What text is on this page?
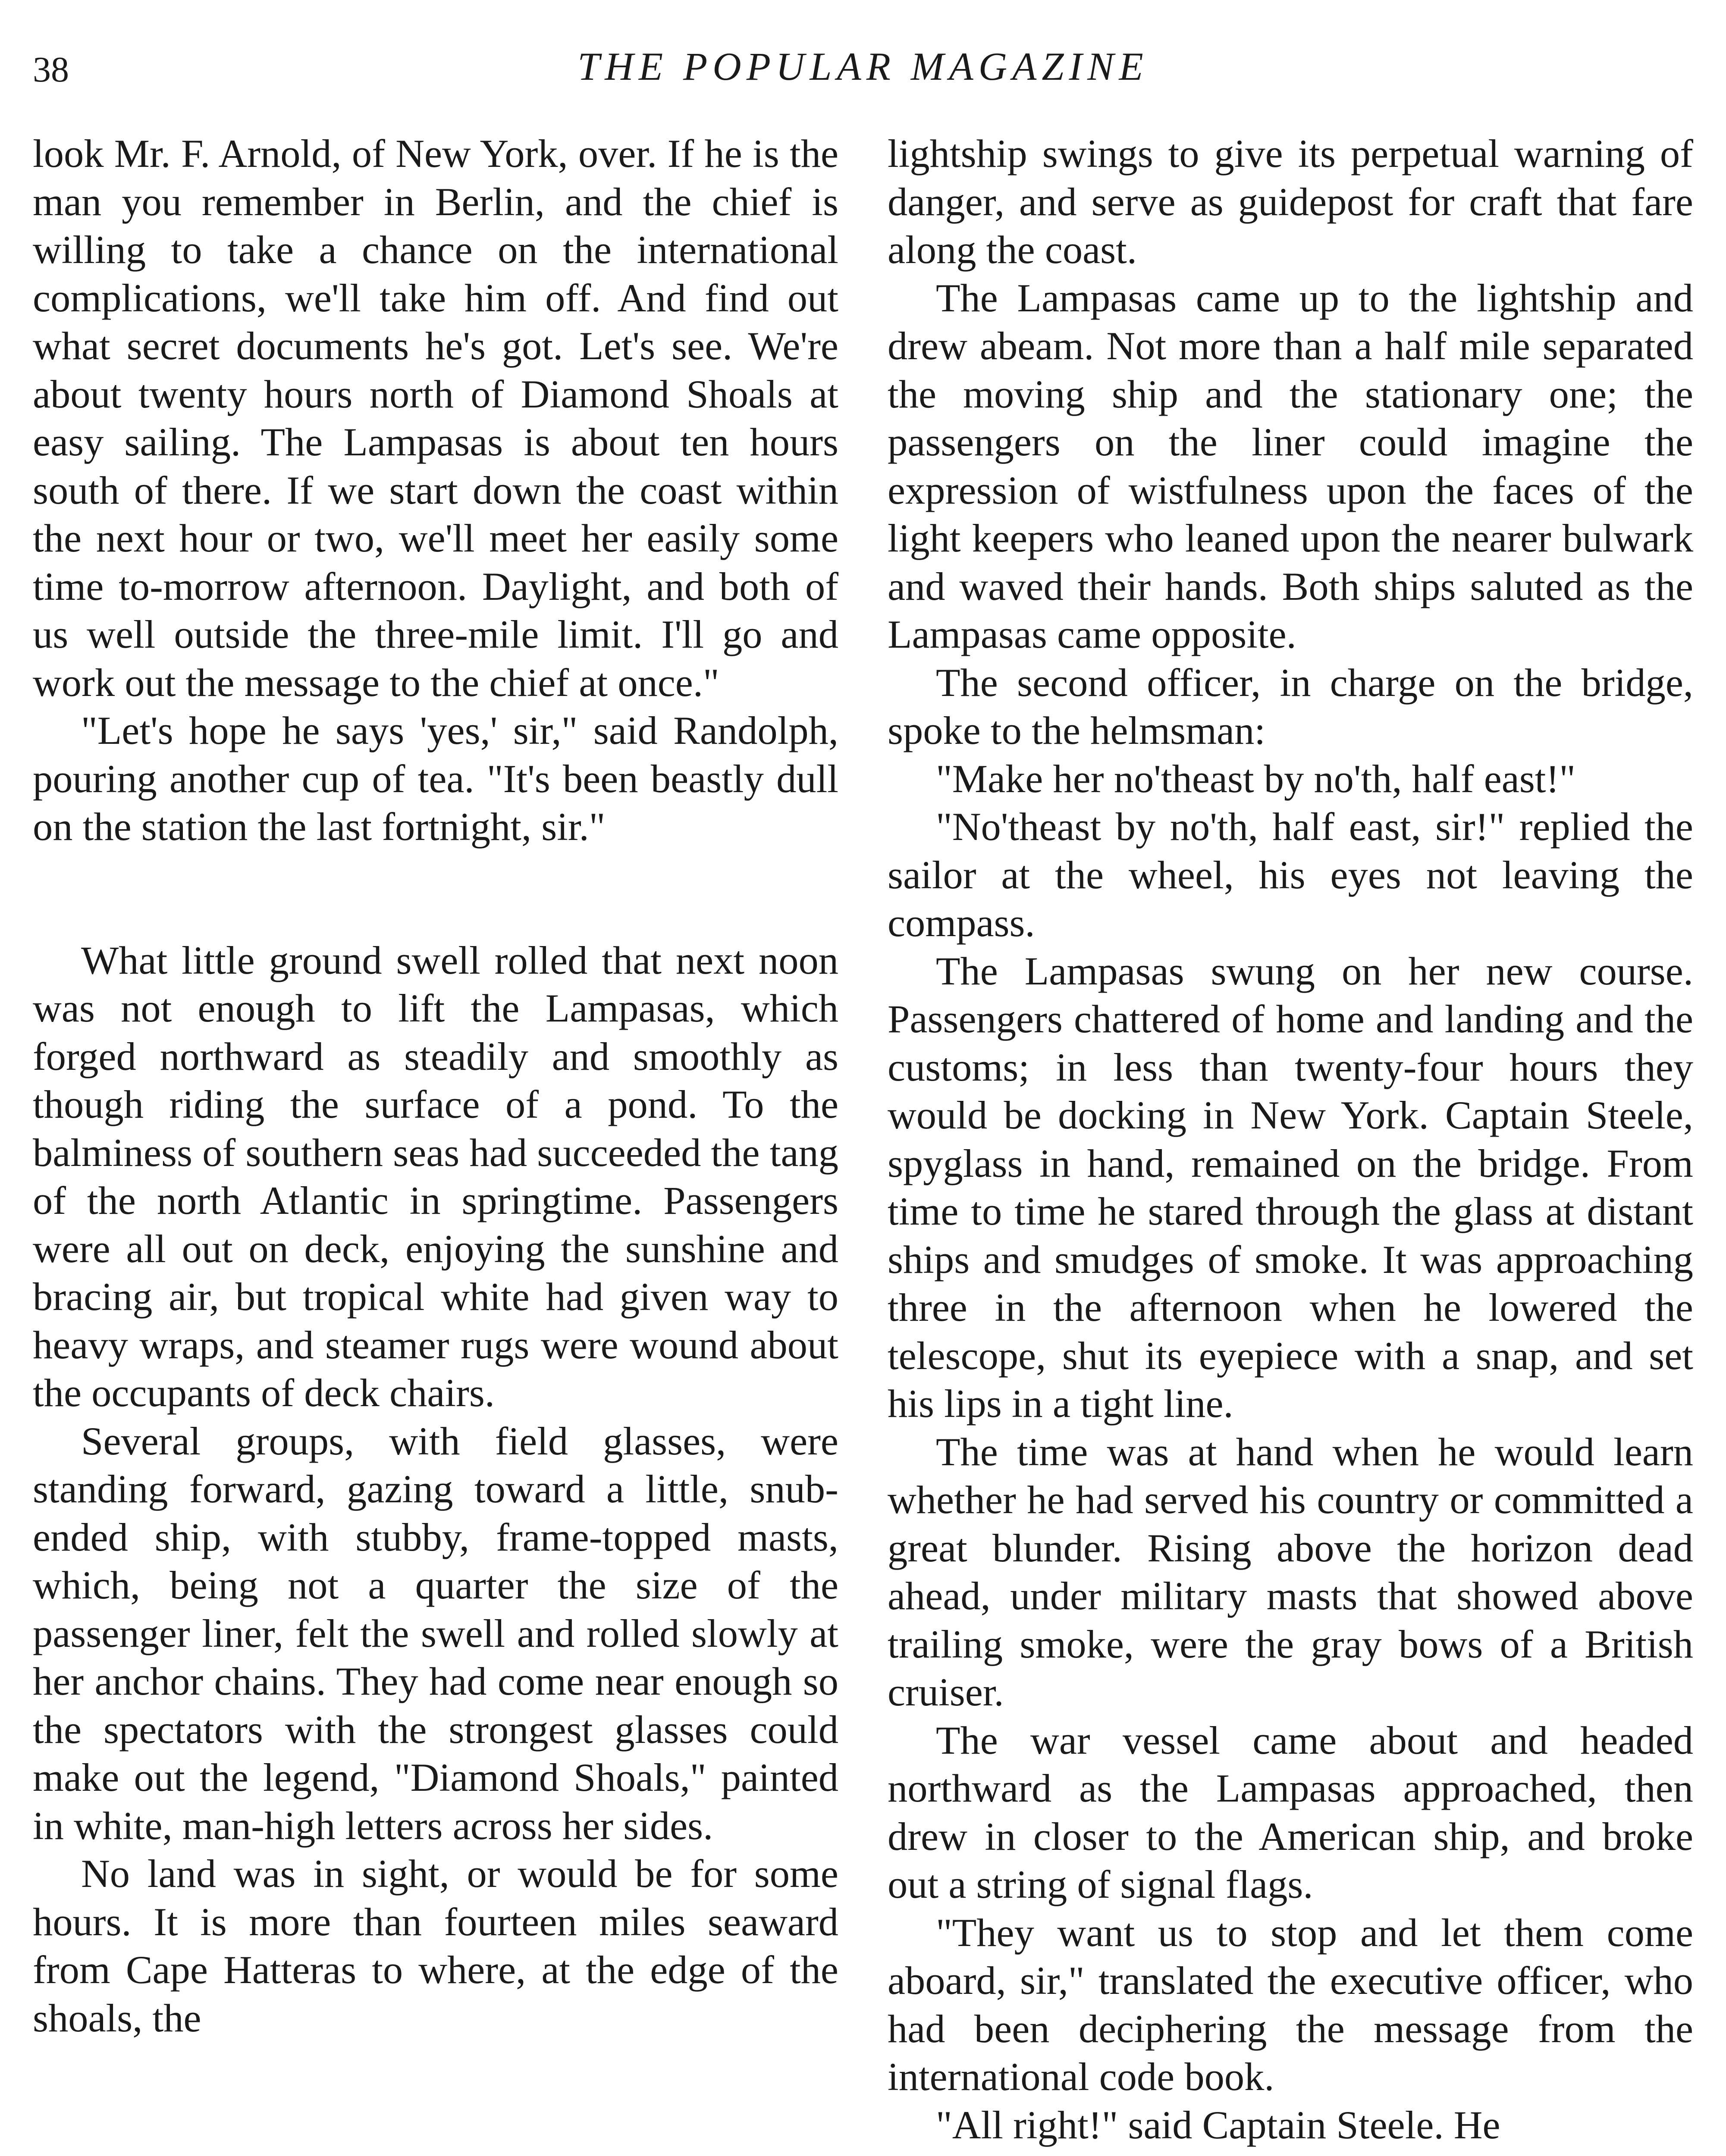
38	THE POPULAR MAGAZINE

look Mr. F. Arnold, of New York, over. If he is the man you remember in Berlin, and the chief is willing to take a chance on the international complications, we'll take him off. And find out what secret documents he's got. Let's see. We're about twenty hours north of Diamond Shoals at easy sailing. The Lampasas is about ten hours south of there. If we start down the coast within the next hour or two, we'll meet her easily some time to-morrow afternoon. Daylight, and both of us well outside the three-mile limit. I'll go and work out the message to the chief at once."

"Let's hope he says 'yes,' sir," said Randolph, pouring another cup of tea. "It's been beastly dull on the station the last fortnight, sir."

What little ground swell rolled that next noon was not enough to lift the Lampasas, which forged northward as steadily and smoothly as though riding the surface of a pond. To the balminess of southern seas had succeeded the tang of the north Atlantic in springtime. Passengers were all out on deck, enjoying the sunshine and bracing air, but tropical white had given way to heavy wraps, and steamer rugs were wound about the occupants of deck chairs.

Several groups, with field glasses, were standing forward, gazing toward a little, snub-ended ship, with stubby, frame-topped masts, which, being not a quarter the size of the passenger liner, felt the swell and rolled slowly at her anchor chains. They had come near enough so the spectators with the strongest glasses could make out the legend, "Diamond Shoals," painted in white, man-high letters across her sides.

No land was in sight, or would be for some hours. It is more than fourteen miles seaward from Cape Hatteras to where, at the edge of the shoals, the

lightship swings to give its perpetual warning of danger, and serve as guidepost for craft that fare along the coast.

The Lampasas came up to the lightship and drew abeam. Not more than a half mile separated the moving ship and the stationary one; the passengers on the liner could imagine the expression of wistfulness upon the faces of the light keepers who leaned upon the nearer bulwark and waved their hands. Both ships saluted as the Lampasas came opposite.

The second officer, in charge on the bridge, spoke to the helmsman:

"Make her no'theast by no'th, half east!"

"No'theast by no'th, half east, sir!" replied the sailor at the wheel, his eyes not leaving the compass.

The Lampasas swung on her new course. Passengers chattered of home and landing and the customs; in less than twenty-four hours they would be docking in New York. Captain Steele, spyglass in hand, remained on the bridge. From time to time he stared through the glass at distant ships and smudges of smoke. It was approaching three in the afternoon when he lowered the telescope, shut its eyepiece with a snap, and set his lips in a tight line.

The time was at hand when he would learn whether he had served his country or committed a great blunder. Rising above the horizon dead ahead, under military masts that showed above trailing smoke, were the gray bows of a British cruiser.

The war vessel came about and headed northward as the Lampasas approached, then drew in closer to the American ship, and broke out a string of signal flags.

"They want us to stop and let them come aboard, sir," translated the executive officer, who had been deciphering the message from the international code book.

"All right!" said Captain Steele. He
